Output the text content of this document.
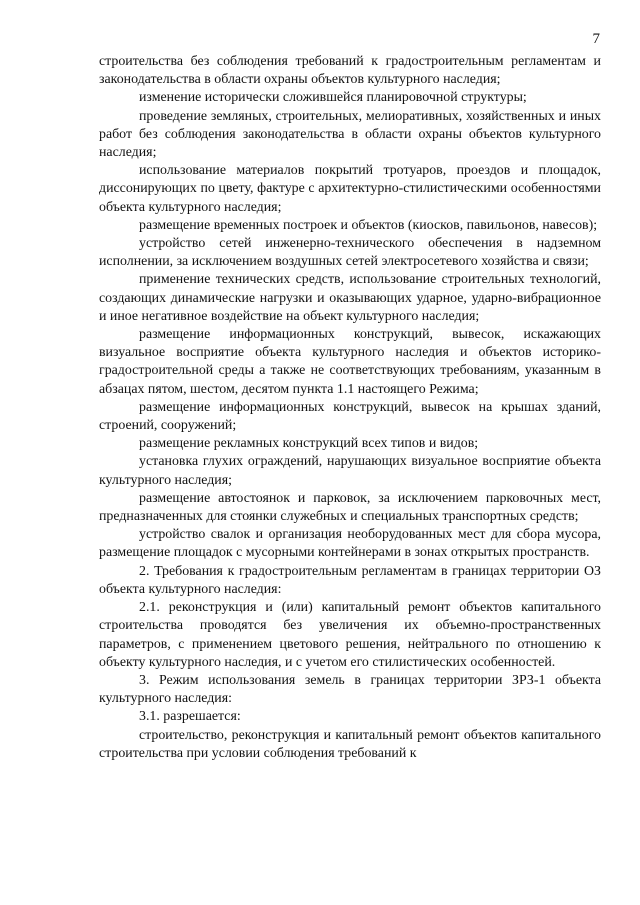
7

строительства без соблюдения требований к градостроительным регламентам и законодательства в области охраны объектов культурного наследия;

изменение исторически сложившейся планировочной структуры;

проведение земляных, строительных, мелиоративных, хозяйственных и иных работ без соблюдения законодательства в области охраны объектов культурного наследия;

использование материалов покрытий тротуаров, проездов и площадок, диссонирующих по цвету, фактуре с архитектурно-стилистическими особенностями объекта культурного наследия;

размещение временных построек и объектов (киосков, павильонов, навесов);

устройство сетей инженерно-технического обеспечения в надземном исполнении, за исключением воздушных сетей электросетевого хозяйства и связи;

применение технических средств, использование строительных технологий, создающих динамические нагрузки и оказывающих ударное, ударно-вибрационное и иное негативное воздействие на объект культурного наследия;

размещение информационных конструкций, вывесок, искажающих визуальное восприятие объекта культурного наследия и объектов историко-градостроительной среды а также не соответствующих требованиям, указанным в абзацах пятом, шестом, десятом пункта 1.1 настоящего Режима;

размещение информационных конструкций, вывесок на крышах зданий, строений, сооружений;

размещение рекламных конструкций всех типов и видов;

установка глухих ограждений, нарушающих визуальное восприятие объекта культурного наследия;

размещение автостоянок и парковок, за исключением парковочных мест, предназначенных для стоянки служебных и специальных транспортных средств;

устройство свалок и организация необорудованных мест для сбора мусора, размещение площадок с мусорными контейнерами в зонах открытых пространств.

2. Требования к градостроительным регламентам в границах территории ОЗ объекта культурного наследия:

2.1. реконструкция и (или) капитальный ремонт объектов капитального строительства проводятся без увеличения их объемно-пространственных параметров, с применением цветового решения, нейтрального по отношению к объекту культурного наследия, и с учетом его стилистических особенностей.

3. Режим использования земель в границах территории ЗРЗ-1 объекта культурного наследия:

3.1. разрешается:

строительство, реконструкция и капитальный ремонт объектов капитального строительства при условии соблюдения требований к
